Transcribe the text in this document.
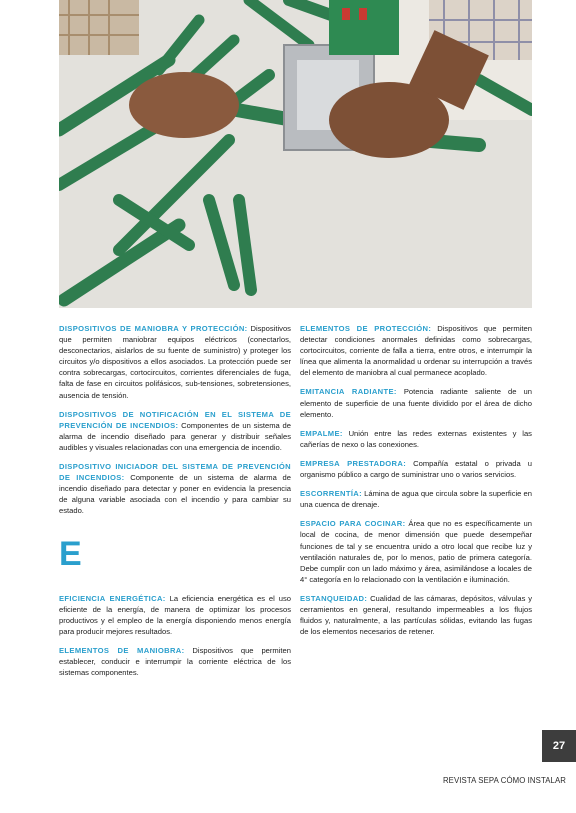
DISPOSITIVOS DE MANIOBRA Y PROTECCIÓN: Dispositivos que permiten maniobrar equipos eléctricos (conectarlos, desconectarios, aislarlos de su fuente de suministro) y proteger los circuitos y/o dispositivos a ellos asociados. La protección puede ser contra sobrecargas, cortocircuitos, corrientes diferenciales de fuga, falta de fase en circuitos polifásicos, sub-tensiones, sobretensiones, ausencia de tensión.

DISPOSITIVOS DE NOTIFICACIÓN EN EL SISTEMA DE PREVENCIÓN DE INCENDIOS: Componentes de un sistema de alarma de incendio diseñado para generar y distribuir señales audibles y visuales relacionadas con una emergencia de incendio.

DISPOSITIVO INICIADOR DEL SISTEMA DE PREVENCIÓN DE INCENDIOS: Componente de un sistema de alarma de incendio diseñado para detectar y poner en evidencia la presencia de alguna variable asociada con el incendio y para cambiar su estado.

E

EFICIENCIA ENERGÉTICA: La eficiencia energética es el uso eficiente de la energía, de manera de optimizar los procesos productivos y el empleo de la energía disponiendo menos energía para producir mejores resultados.

ELEMENTOS DE MANIOBRA: Dispositivos que permiten establecer, conducir e interrumpir la corriente eléctrica de los sistemas componentes.

ELEMENTOS DE PROTECCIÓN: Dispositivos que permiten detectar condiciones anormales definidas como sobrecargas, cortocircuitos, corriente de falla a tierra, entre otros, e interrumpir la línea que alimenta la anormalidad u ordenar su interrupción a través del elemento de maniobra al cual permanece acoplado.

EMITANCIA RADIANTE: Potencia radiante saliente de un elemento de superficie de una fuente dividido por el área de dicho elemento.

EMPALME: Unión entre las redes externas existentes y las cañerías de nexo o las conexiones.

EMPRESA PRESTADORA: Compañía estatal o privada u organismo público a cargo de suministrar uno o varios servicios.

ESCORRENTÍA: Lámina de agua que circula sobre la superficie en una cuenca de drenaje.

ESPACIO PARA COCINAR: Área que no es específicamente un local de cocina, de menor dimensión que puede desempeñar funciones de tal y se encuentra unido a otro local que recibe luz y ventilación naturales de, por lo menos, patio de primera categoría. Debe cumplir con un lado máximo y área, asimilándose a locales de 4° categoría en lo relacionado con la ventilación e iluminación.

ESTANQUEIDAD: Cualidad de las cámaras, depósitos, válvulas y cerramientos en general, resultando impermeables a los flujos fluidos y, naturalmente, a las partículas sólidas, evitando las fugas de los elementos necesarios de retener.

27
REVISTA SEPA CÓMO INSTALAR
